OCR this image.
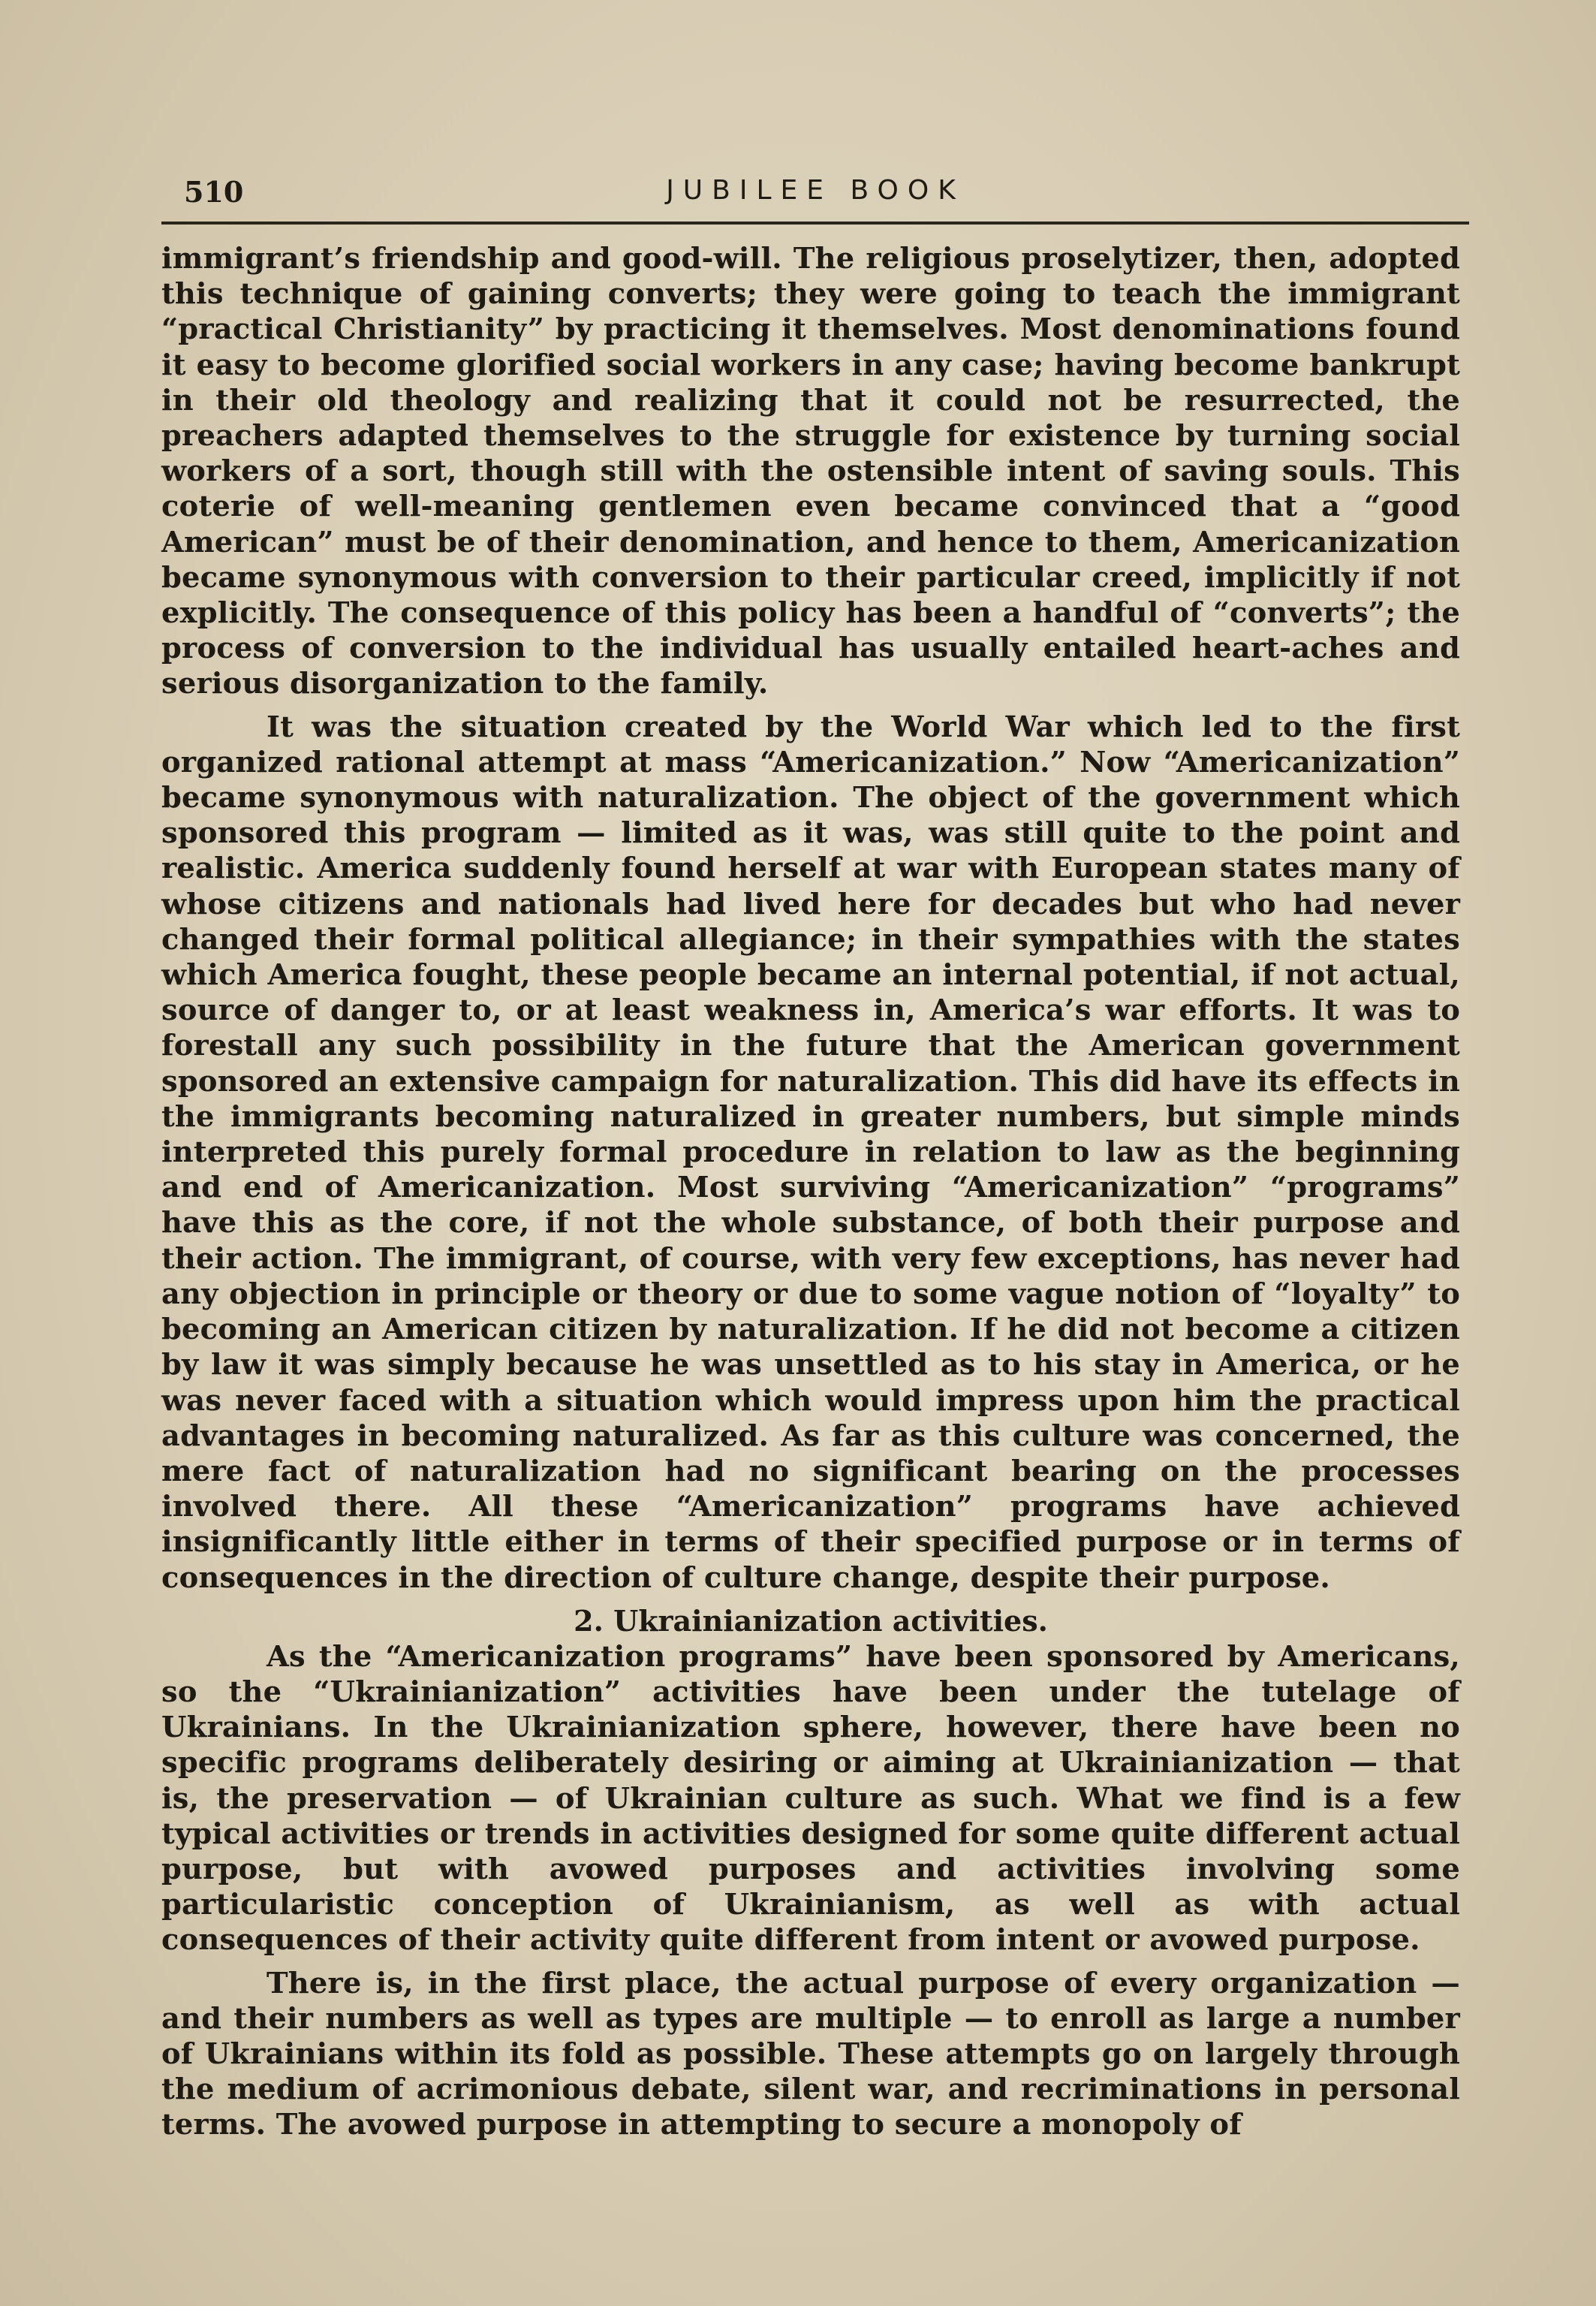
510	JUBILEE BOOK

immigrant’s friendship and good-will. The religious proselytizer, then, adopted this technique of gaining converts; they were going to teach the immigrant “practical Christianity” by practicing it themselves. Most denominations found it easy to become glorified social workers in any case; having become bankrupt in their old theology and realizing that it could not be resurrected, the preachers adapted themselves to the struggle for existence by turning social workers of a sort, though still with the ostensible intent of saving souls. This coterie of well-meaning gentlemen even became convinced that a “good American” must be of their denomination, and hence to them, Americanization became synonymous with conversion to their particular creed, implicitly if not explicitly. The consequence of this policy has been a handful of “converts”; the process of conversion to the individual has usually entailed heart-aches and serious disorganization to the family.

It was the situation created by the World War which led to the first organized rational attempt at mass “Americanization.” Now “Americanization” became synonymous with naturalization. The object of the government which sponsored this program — limited as it was, was still quite to the point and realistic. America suddenly found herself at war with European states many of whose citizens and nationals had lived here for decades but who had never changed their formal political allegiance; in their sympathies with the states which America fought, these people became an internal potential, if not actual, source of danger to, or at least weakness in, America’s war efforts. It was to forestall any such possibility in the future that the American government sponsored an extensive campaign for naturalization. This did have its effects in the immigrants becoming naturalized in greater numbers, but simple minds interpreted this purely formal procedure in relation to law as the beginning and end of Americanization. Most surviving “Americanization” “programs” have this as the core, if not the whole substance, of both their purpose and their action. The immigrant, of course, with very few exceptions, has never had any objection in principle or theory or due to some vague notion of “loyalty” to becoming an American citizen by naturalization. If he did not become a citizen by law it was simply because he was unsettled as to his stay in America, or he was never faced with a situation which would impress upon him the practical advantages in becoming naturalized. As far as this culture was concerned, the mere fact of naturalization had no significant bearing on the processes involved there. All these “Americanization” programs have achieved insignificantly little either in terms of their specified purpose or in terms of consequences in the direction of culture change, despite their purpose.

2. Ukrainianization activities.

As the “Americanization programs” have been sponsored by Americans, so the “Ukrainianization” activities have been under the tutelage of Ukrainians. In the Ukrainianization sphere, however, there have been no specific programs deliberately desiring or aiming at Ukrainianization — that is, the preservation — of Ukrainian culture as such. What we find is a few typical activities or trends in activities designed for some quite different actual purpose, but with avowed purposes and activities involving some particularistic conception of Ukrainianism, as well as with actual consequences of their activity quite different from intent or avowed purpose.

There is, in the first place, the actual purpose of every organization — and their numbers as well as types are multiple — to enroll as large a number of Ukrainians within its fold as possible. These attempts go on largely through the medium of acrimonious debate, silent war, and recriminations in personal terms. The avowed purpose in attempting to secure a monopoly of
